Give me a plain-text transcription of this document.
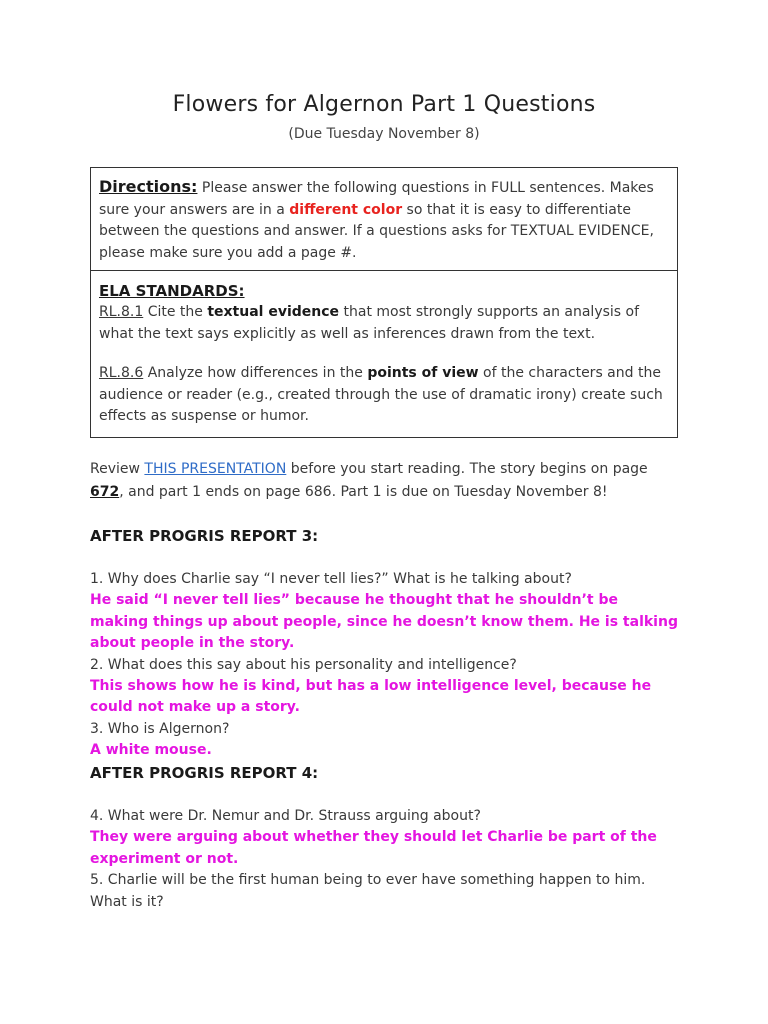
Flowers for Algernon Part 1 Questions
(Due Tuesday November 8)

Directions: Please answer the following questions in FULL sentences. Makes sure your answers are in a different color so that it is easy to differentiate between the questions and answer. If a questions asks for TEXTUAL EVIDENCE, please make sure you add a page #.

ELA STANDARDS:

RL.8.1 Cite the textual evidence that most strongly supports an analysis of what the text says explicitly as well as inferences drawn from the text.

RL.8.6 Analyze how differences in the points of view of the characters and the audience or reader (e.g., created through the use of dramatic irony) create such effects as suspense or humor.

Review THIS PRESENTATION before you start reading. The story begins on page 672, and part 1 ends on page 686. Part 1 is due on Tuesday November 8!
AFTER PROGRIS REPORT 3:

1. Why does Charlie say “I never tell lies?” What is he talking about?

He said “I never tell lies” because he thought that he shouldn’t be making things up about people, since he doesn’t know them. He is talking about people in the story.

2. What does this say about his personality and intelligence?

This shows how he is kind, but has a low intelligence level, because he could not make up a story.

3. Who is Algernon?

A white mouse.

AFTER PROGRIS REPORT 4:

4. What were Dr. Nemur and Dr. Strauss arguing about?

They were arguing about whether they should let Charlie be part of the experiment or not.

5. Charlie will be the first human being to ever have something happen to him. What is it?
